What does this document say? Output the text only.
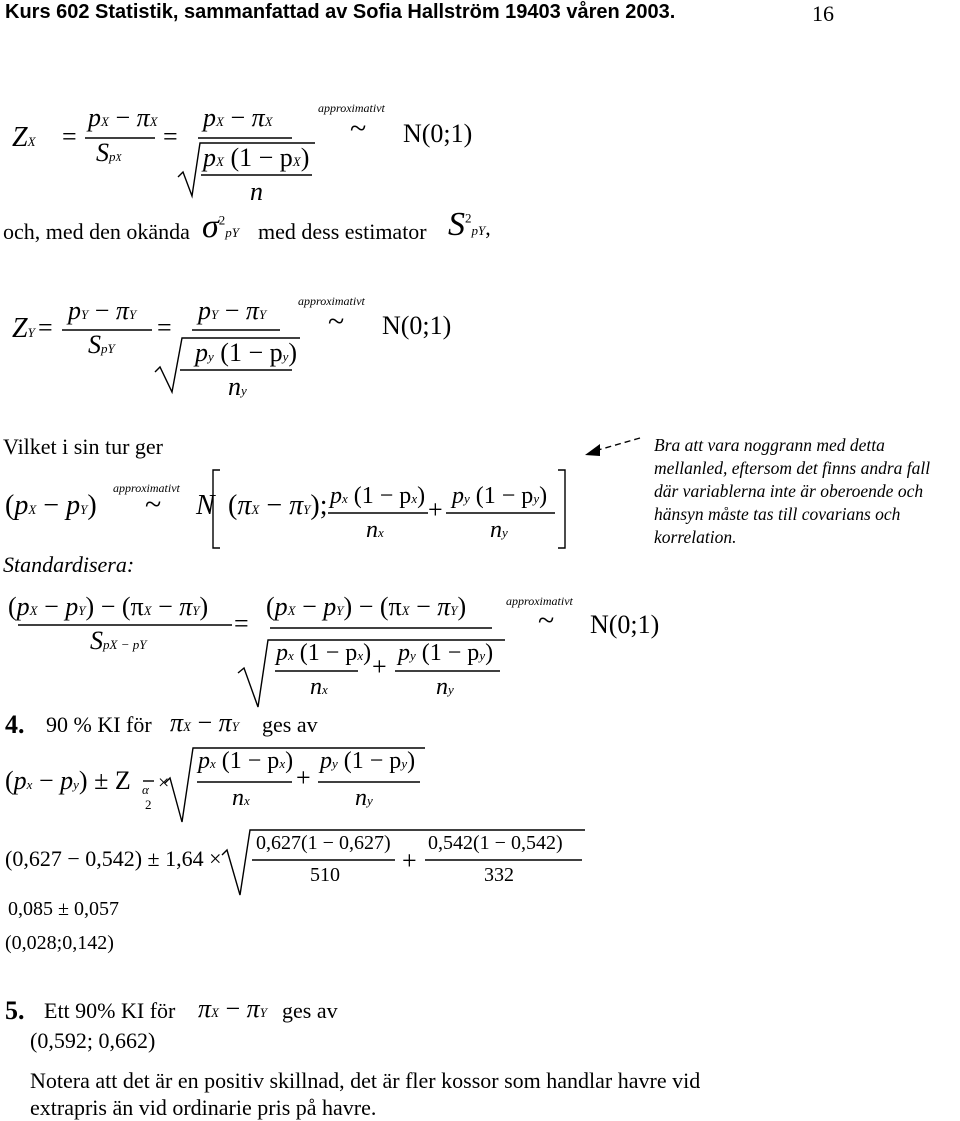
Kurs 602 Statistik, sammanfattad av Sofia Hallström 19403 våren 2003.	16
ZX =
pX − πX
SpX
=
pX − πX
pX (1 − pX)
n
approximativt
~ N(0;1)
och, med den okända $\sigma^2pY$ med dess estimator $S^2pY$,
ZY =
pY − πY
SpY
=
pY − πY
py (1 − py)
ny
approximativt
~ N(0;1)
Vilket i sin tur ger
(pX − pY)
approximativt
~ N (πX − πY); px (1 − px)
nx
+ py (1 − py)
ny
Bra att vara noggrann med detta mellanled, eftersom det finns andra fall där variablerna inte är oberoende och hänsyn måste tas till covarians och korrelation.
Standardisera:
(pX − pY) − (πX − πY)
SpX − pY
=
(pX − pY) − (πX − πY)
px (1 − px) + py (1 − py)
nx	ny
approximativt
~ N(0;1)
4. 90 % KI för πX − πY ges av
(px − py) ± Z α
2
×
px (1 − px)
+
py (1 − py)
nx	ny
(0,627 − 0,542) ± 1,64 ×
0,627(1 − 0,627)
+
0,542(1 − 0,542)
510	332
0,085 ± 0,057
(0,028;0,142)
5. Ett 90% KI för πX − πY ges av
(0,592; 0,662)
Notera att det är en positiv skillnad, det är fler kossor som handlar havre vid
extrapris än vid ordinarie pris på havre.
